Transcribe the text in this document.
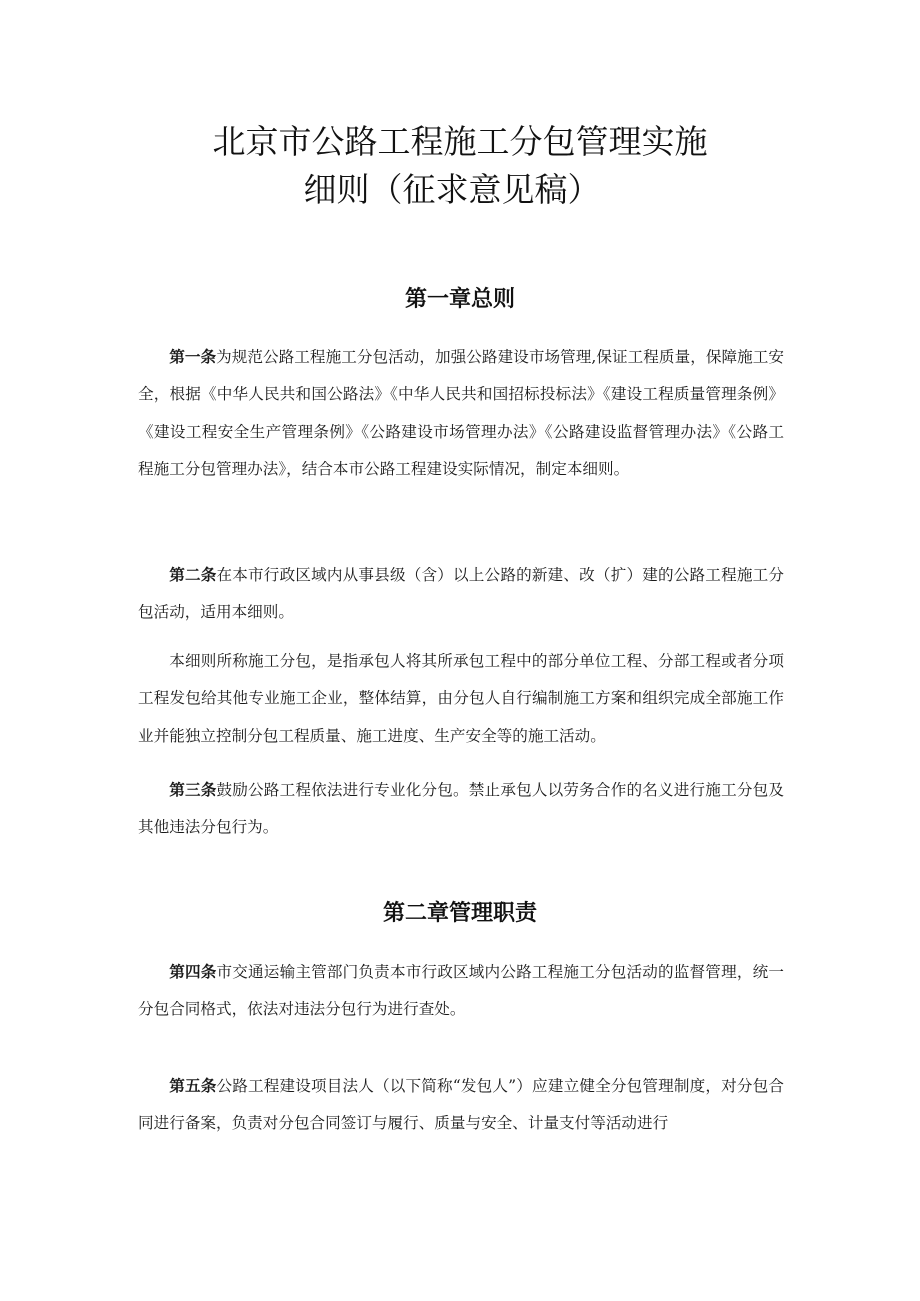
北京市公路工程施工分包管理实施
细则（征求意见稿）
第一章总则

第一条为规范公路工程施工分包活动，加强公路建设市场管理,保证工程质量，保障施工安全，根据《中华人民共和国公路法》《中华人民共和国招标投标法》《建设工程质量管理条例》《建设工程安全生产管理条例》《公路建设市场管理办法》《公路建设监督管理办法》《公路工程施工分包管理办法》，结合本市公路工程建设实际情况，制定本细则。

第二条在本市行政区域内从事县级（含）以上公路的新建、改（扩）建的公路工程施工分包活动，适用本细则。

本细则所称施工分包，是指承包人将其所承包工程中的部分单位工程、分部工程或者分项工程发包给其他专业施工企业，整体结算，由分包人自行编制施工方案和组织完成全部施工作业并能独立控制分包工程质量、施工进度、生产安全等的施工活动。

第三条鼓励公路工程依法进行专业化分包。禁止承包人以劳务合作的名义进行施工分包及其他违法分包行为。

第二章管理职责

第四条市交通运输主管部门负责本市行政区域内公路工程施工分包活动的监督管理，统一分包合同格式，依法对违法分包行为进行查处。

第五条公路工程建设项目法人（以下简称“发包人”）应建立健全分包管理制度，对分包合同进行备案，负责对分包合同签订与履行、质量与安全、计量支付等活动进行
